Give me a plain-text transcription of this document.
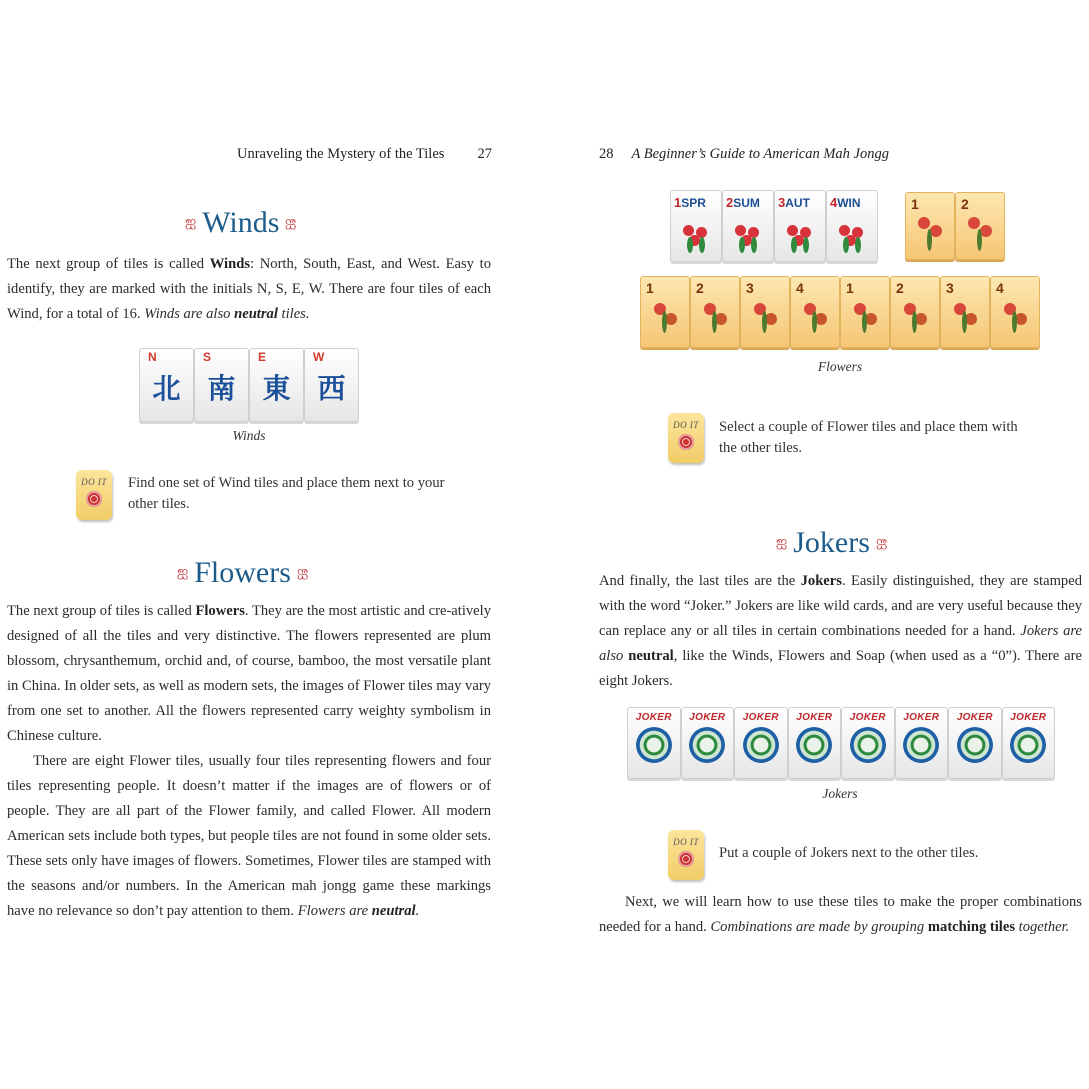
Unraveling the Mystery of the Tiles 27
ஐ Winds ஐ

The next group of tiles is called Winds: North, South, East, and West. Easy to identify, they are marked with the initials N, S, E, W. There are four tiles of each Wind, for a total of 16. Winds are also neutral tiles.

N
北
S
南
E
東
W
西
Winds
DO IT Find one set of Wind tiles and place them next to your other tiles.
ஐ Flowers ஐ

The next group of tiles is called Flowers. They are the most artistic and cre-atively designed of all the tiles and very distinctive. The flowers represented are plum blossom, chrysanthemum, orchid and, of course, bamboo, the most versatile plant in China. In older sets, as well as modern sets, the images of Flower tiles may vary from one set to another. All the flowers represented carry weighty symbolism in Chinese culture.

There are eight Flower tiles, usually four tiles representing flowers and four tiles representing people. It doesn’t matter if the images are of flowers or of people. They are all part of the Flower family, and called Flower. All modern American sets include both types, but people tiles are not found in some older sets. These sets only have images of flowers. Sometimes, Flower tiles are stamped with the seasons and/or numbers. In the American mah jongg game these markings have no relevance so don’t pay attention to them. Flowers are neutral.

28 A Beginner’s Guide to American Mah Jongg
1SPR 2SUM 3AUT 4WIN	1	2
1	2	3	4	1	2	3	4
Flowers
DO IT Select a couple of Flower tiles and place them with the other tiles.
ஐ Jokers ஐ

And finally, the last tiles are the Jokers. Easily distinguished, they are stamped with the word “Joker.” Jokers are like wild cards, and are very useful because they can replace any or all tiles in certain combinations needed for a hand. Jokers are also neutral, like the Winds, Flowers and Soap (when used as a “0”). There are eight Jokers.

JOKER	JOKER	JOKER	JOKER	JOKER	JOKER	JOKER	JOKER
Jokers
DO IT
Put a couple of Jokers next to the other tiles.

Next, we will learn how to use these tiles to make the proper combinations needed for a hand. Combinations are made by grouping matching tiles together.
